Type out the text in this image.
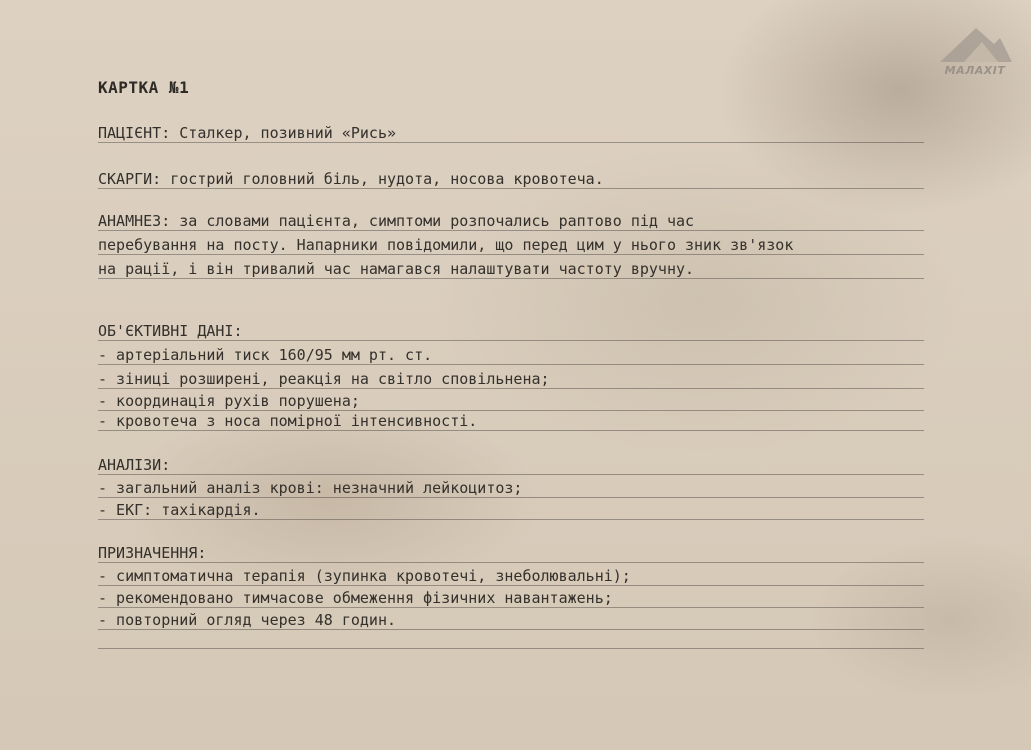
МАЛАХІТ
КАРТКА №1
ПАЦІЄНТ: Сталкер, позивний «Рись»
СКАРГИ: гострий головний біль, нудота, носова кровотеча.
АНАМНЕЗ: за словами пацієнта, симптоми розпочались раптово під час
перебування на посту. Напарники повідомили, що перед цим у нього зник зв'язок
на рації, і він тривалий час намагався налаштувати частоту вручну.
ОБ'ЄКТИВНІ ДАНІ:
- артеріальний тиск 160/95 мм рт. ст.
- зіниці розширені, реакція на світло сповільнена;
- координація рухів порушена;
- кровотеча з носа помірної інтенсивності.
АНАЛІЗИ:
- загальний аналіз крові: незначний лейкоцитоз;
- ЕКГ: тахікардія.
ПРИЗНАЧЕННЯ:
- симптоматична терапія (зупинка кровотечі, знеболювальні);
- рекомендовано тимчасове обмеження фізичних навантажень;
- повторний огляд через 48 годин.
